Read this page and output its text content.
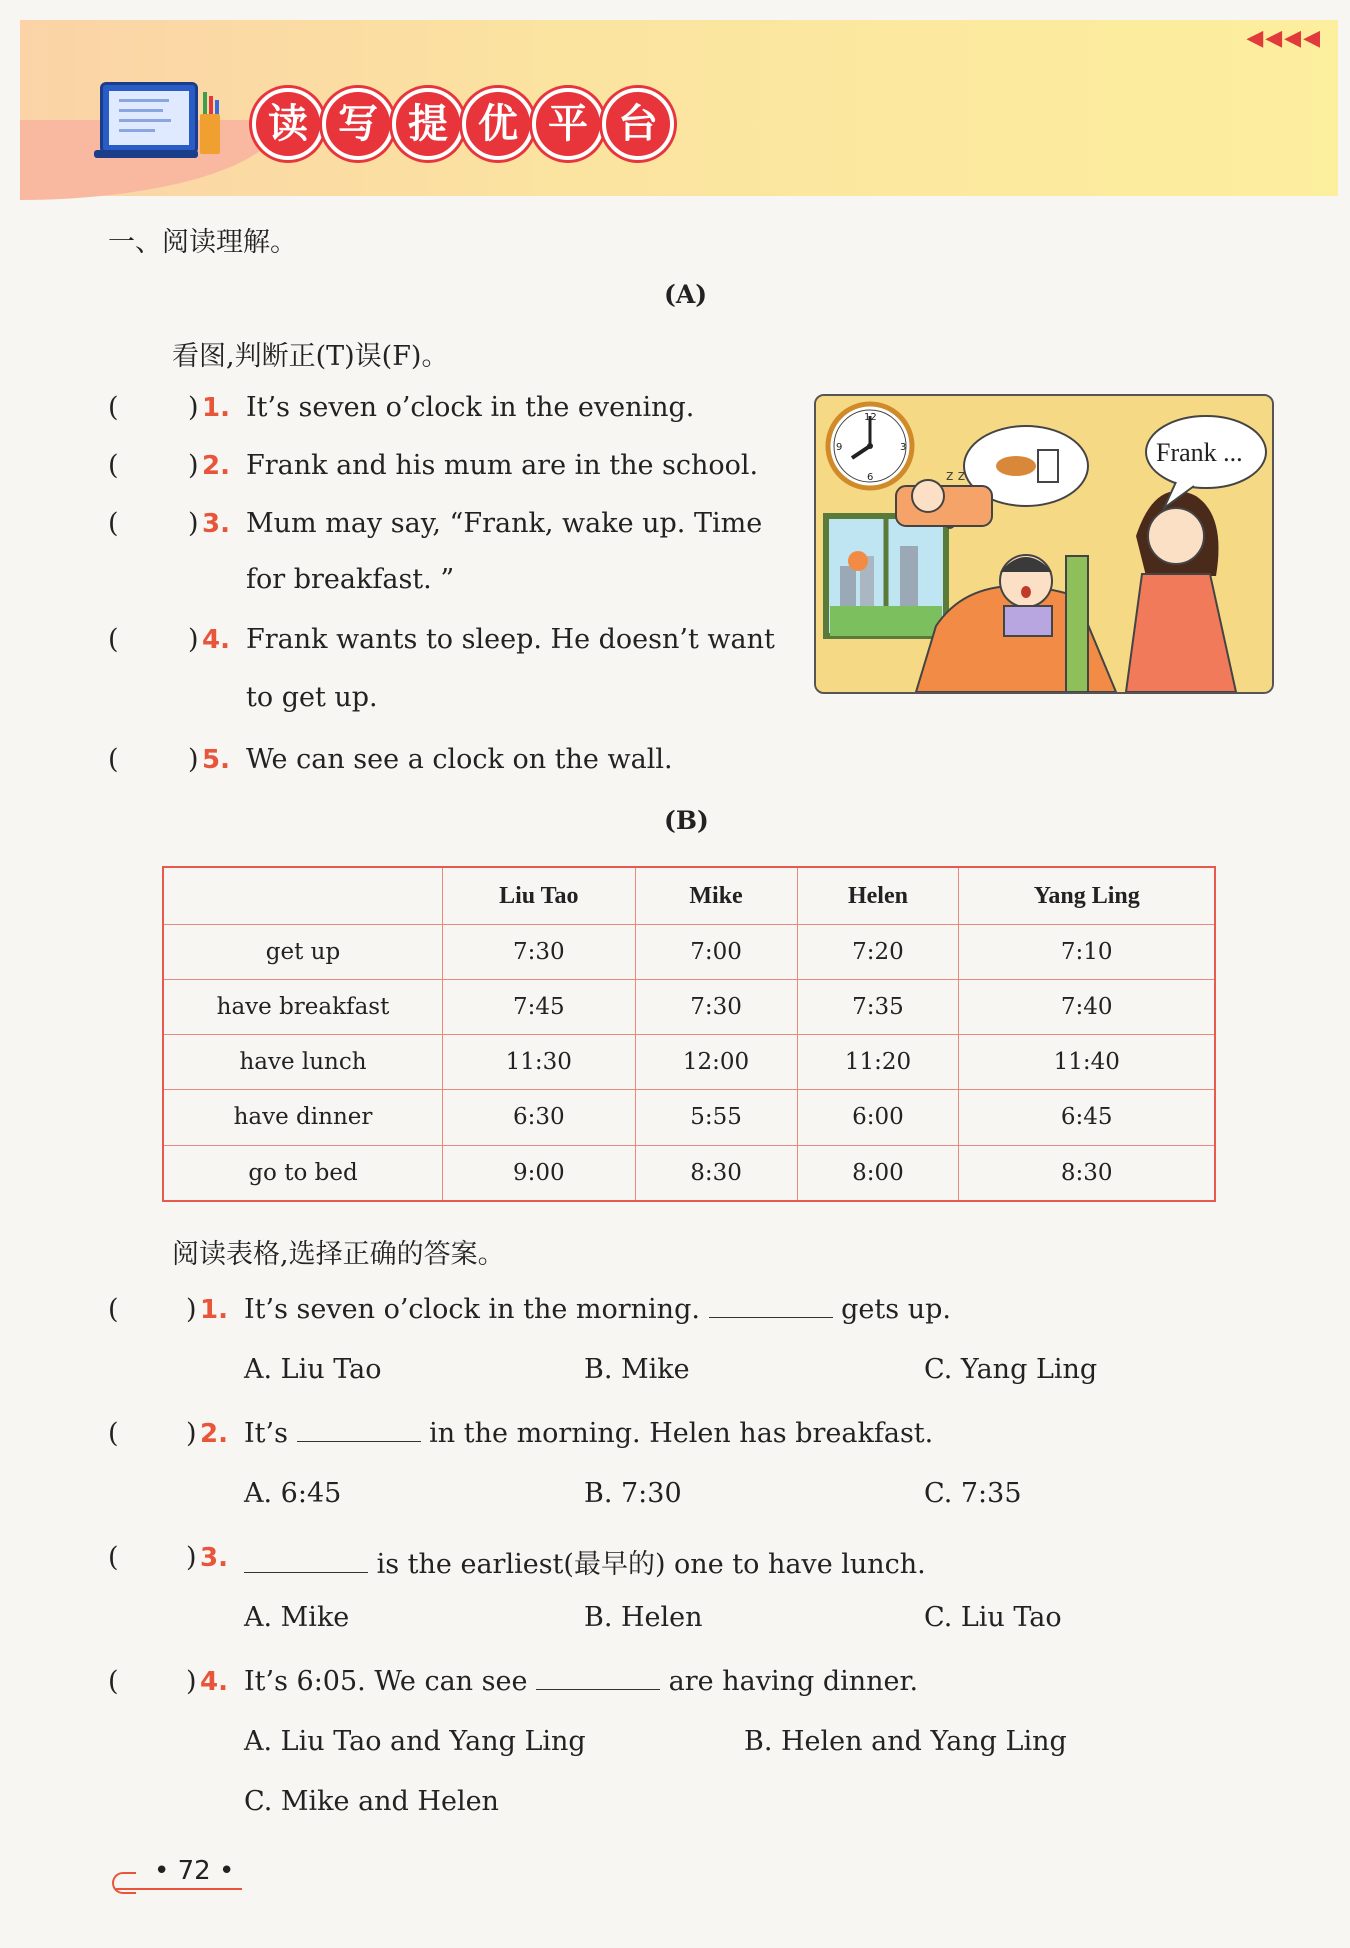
◀◀◀◀
读 写 提 优 平 台
一、阅读理解。
(A)
看图,判断正(T)误(F)。
(	) 1. It’s seven o’clock in the evening.
(	) 2. Frank and his mum are in the school.
(	) 3. Mum may say, “Frank, wake up. Time
for breakfast. ”
(	) 4. Frank wants to sleep. He doesn’t want
to get up.
(	) 5. We can see a clock on the wall.
12
3
6
9
z z
Frank ...
(B)
	Liu Tao	Mike	Helen	Yang Ling
get up	7:30	7:00	7:20	7:10
have breakfast	7:45	7:30	7:35	7:40
have lunch	11:30	12:00	11:20	11:40
have dinner	6:30	5:55	6:00	6:45
go to bed	9:00	8:30	8:00	8:30
阅读表格,选择正确的答案。
( ) 1. It’s seven o’clock in the morning.	gets up.
A. Liu Tao	B. Mike	C. Yang Ling
( ) 2. It’s	in the morning. Helen has breakfast.
A. 6:45	B. 7:30	C. 7:35
( ) 3.	is the earliest(最早的) one to have lunch.
A. Mike	B. Helen	C. Liu Tao
( ) 4. It’s 6:05. We can see	are having dinner.
A. Liu Tao and Yang Ling	B. Helen and Yang Ling
C. Mike and Helen
• 72 •
